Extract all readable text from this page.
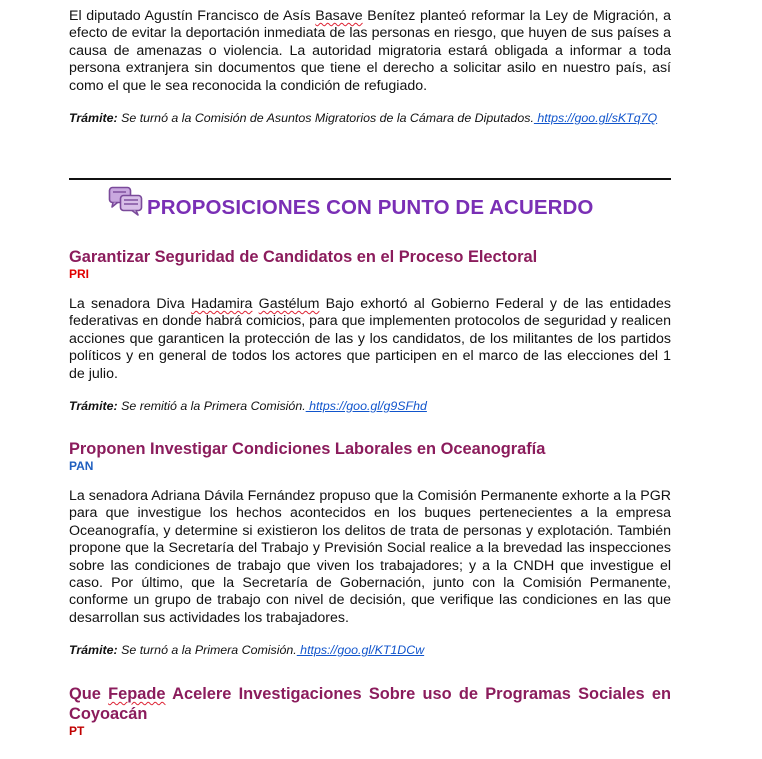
El diputado Agustín Francisco de Asís Basave Benítez planteó reformar la Ley de Migración, a efecto de evitar la deportación inmediata de las personas en riesgo, que huyen de sus países a causa de amenazas o violencia. La autoridad migratoria estará obligada a informar a toda persona extranjera sin documentos que tiene el derecho a solicitar asilo en nuestro país, así como el que le sea reconocida la condición de refugiado.

Trámite: Se turnó a la Comisión de Asuntos Migratorios de la Cámara de Diputados. https://goo.gl/sKTq7Q

PROPOSICIONES CON PUNTO DE ACUERDO
Garantizar Seguridad de Candidatos en el Proceso Electoral
PRI

La senadora Diva Hadamira Gastélum Bajo exhortó al Gobierno Federal y de las entidades federativas en donde habrá comicios, para que implementen protocolos de seguridad y realicen acciones que garanticen la protección de las y los candidatos, de los militantes de los partidos políticos y en general de todos los actores que participen en el marco de las elecciones del 1 de julio.

Trámite: Se remitió a la Primera Comisión. https://goo.gl/g9SFhd

Proponen Investigar Condiciones Laborales en Oceanografía
PAN

La senadora Adriana Dávila Fernández propuso que la Comisión Permanente exhorte a la PGR para que investigue los hechos acontecidos en los buques pertenecientes a la empresa Oceanografía, y determine si existieron los delitos de trata de personas y explotación. También propone que la Secretaría del Trabajo y Previsión Social realice a la brevedad las inspecciones sobre las condiciones de trabajo que viven los trabajadores; y a la CNDH que investigue el caso. Por último, que la Secretaría de Gobernación, junto con la Comisión Permanente, conforme un grupo de trabajo con nivel de decisión, que verifique las condiciones en las que desarrollan sus actividades los trabajadores.

Trámite: Se turnó a la Primera Comisión. https://goo.gl/KT1DCw

Que Fepade Acelere Investigaciones Sobre uso de Programas Sociales en Coyoacán
PT
